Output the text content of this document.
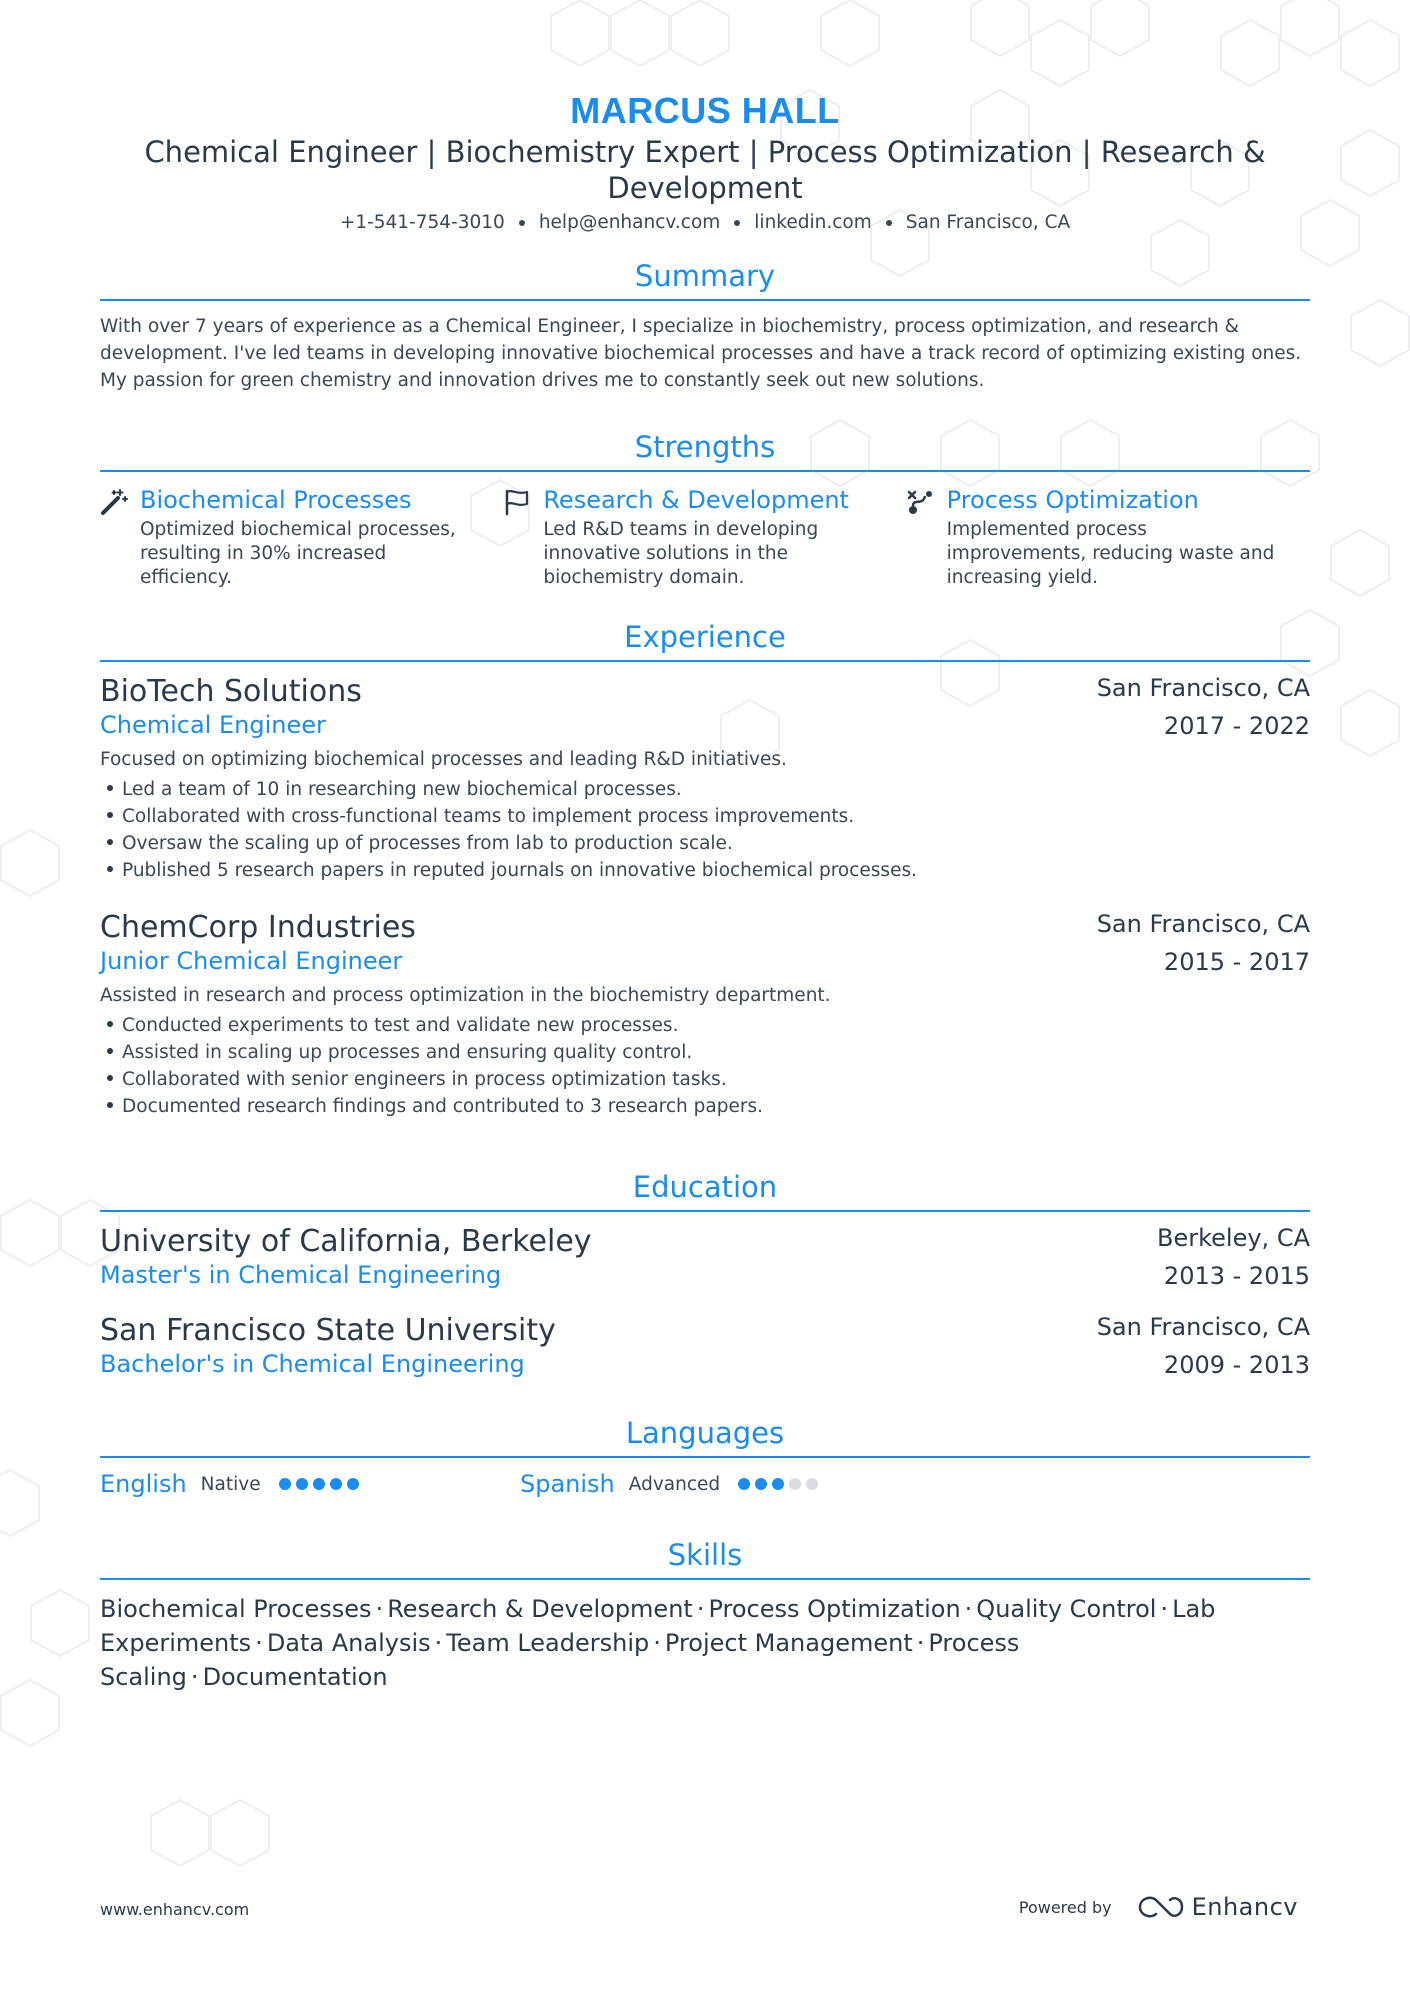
MARCUS HALL
Chemical Engineer | Biochemistry Expert | Process Optimization | Research & Development
+1-541-754-3010 help@enhancv.com linkedin.com San Francisco, CA
Summary
With over 7 years of experience as a Chemical Engineer, I specialize in biochemistry, process optimization, and research & development. I've led teams in developing innovative biochemical processes and have a track record of optimizing existing ones. My passion for green chemistry and innovation drives me to constantly seek out new solutions.
Strengths
Biochemical Processes
Optimized biochemical processes, resulting in 30% increased efficiency.
Research & Development
Led R&D teams in developing innovative solutions in the biochemistry domain.
Process Optimization
Implemented process improvements, reducing waste and increasing yield.
Experience
BioTech Solutions
Chemical Engineer
San Francisco, CA
2017 - 2022
Focused on optimizing biochemical processes and leading R&D initiatives.
Led a team of 10 in researching new biochemical processes.
Collaborated with cross-functional teams to implement process improvements.
Oversaw the scaling up of processes from lab to production scale.
Published 5 research papers in reputed journals on innovative biochemical processes.
ChemCorp Industries
Junior Chemical Engineer
San Francisco, CA
2015 - 2017
Assisted in research and process optimization in the biochemistry department.
Conducted experiments to test and validate new processes.
Assisted in scaling up processes and ensuring quality control.
Collaborated with senior engineers in process optimization tasks.
Documented research findings and contributed to 3 research papers.
Education
University of California, Berkeley
Master's in Chemical Engineering
Berkeley, CA
2013 - 2015
San Francisco State University
Bachelor's in Chemical Engineering
San Francisco, CA
2009 - 2013
Languages
English Native	Spanish Advanced
Skills
Biochemical Processes · Research & Development · Process Optimization · Quality Control · Lab Experiments · Data Analysis · Team Leadership · Project Management · Process Scaling · Documentation
www.enhancv.com	Powered by	Enhancv
